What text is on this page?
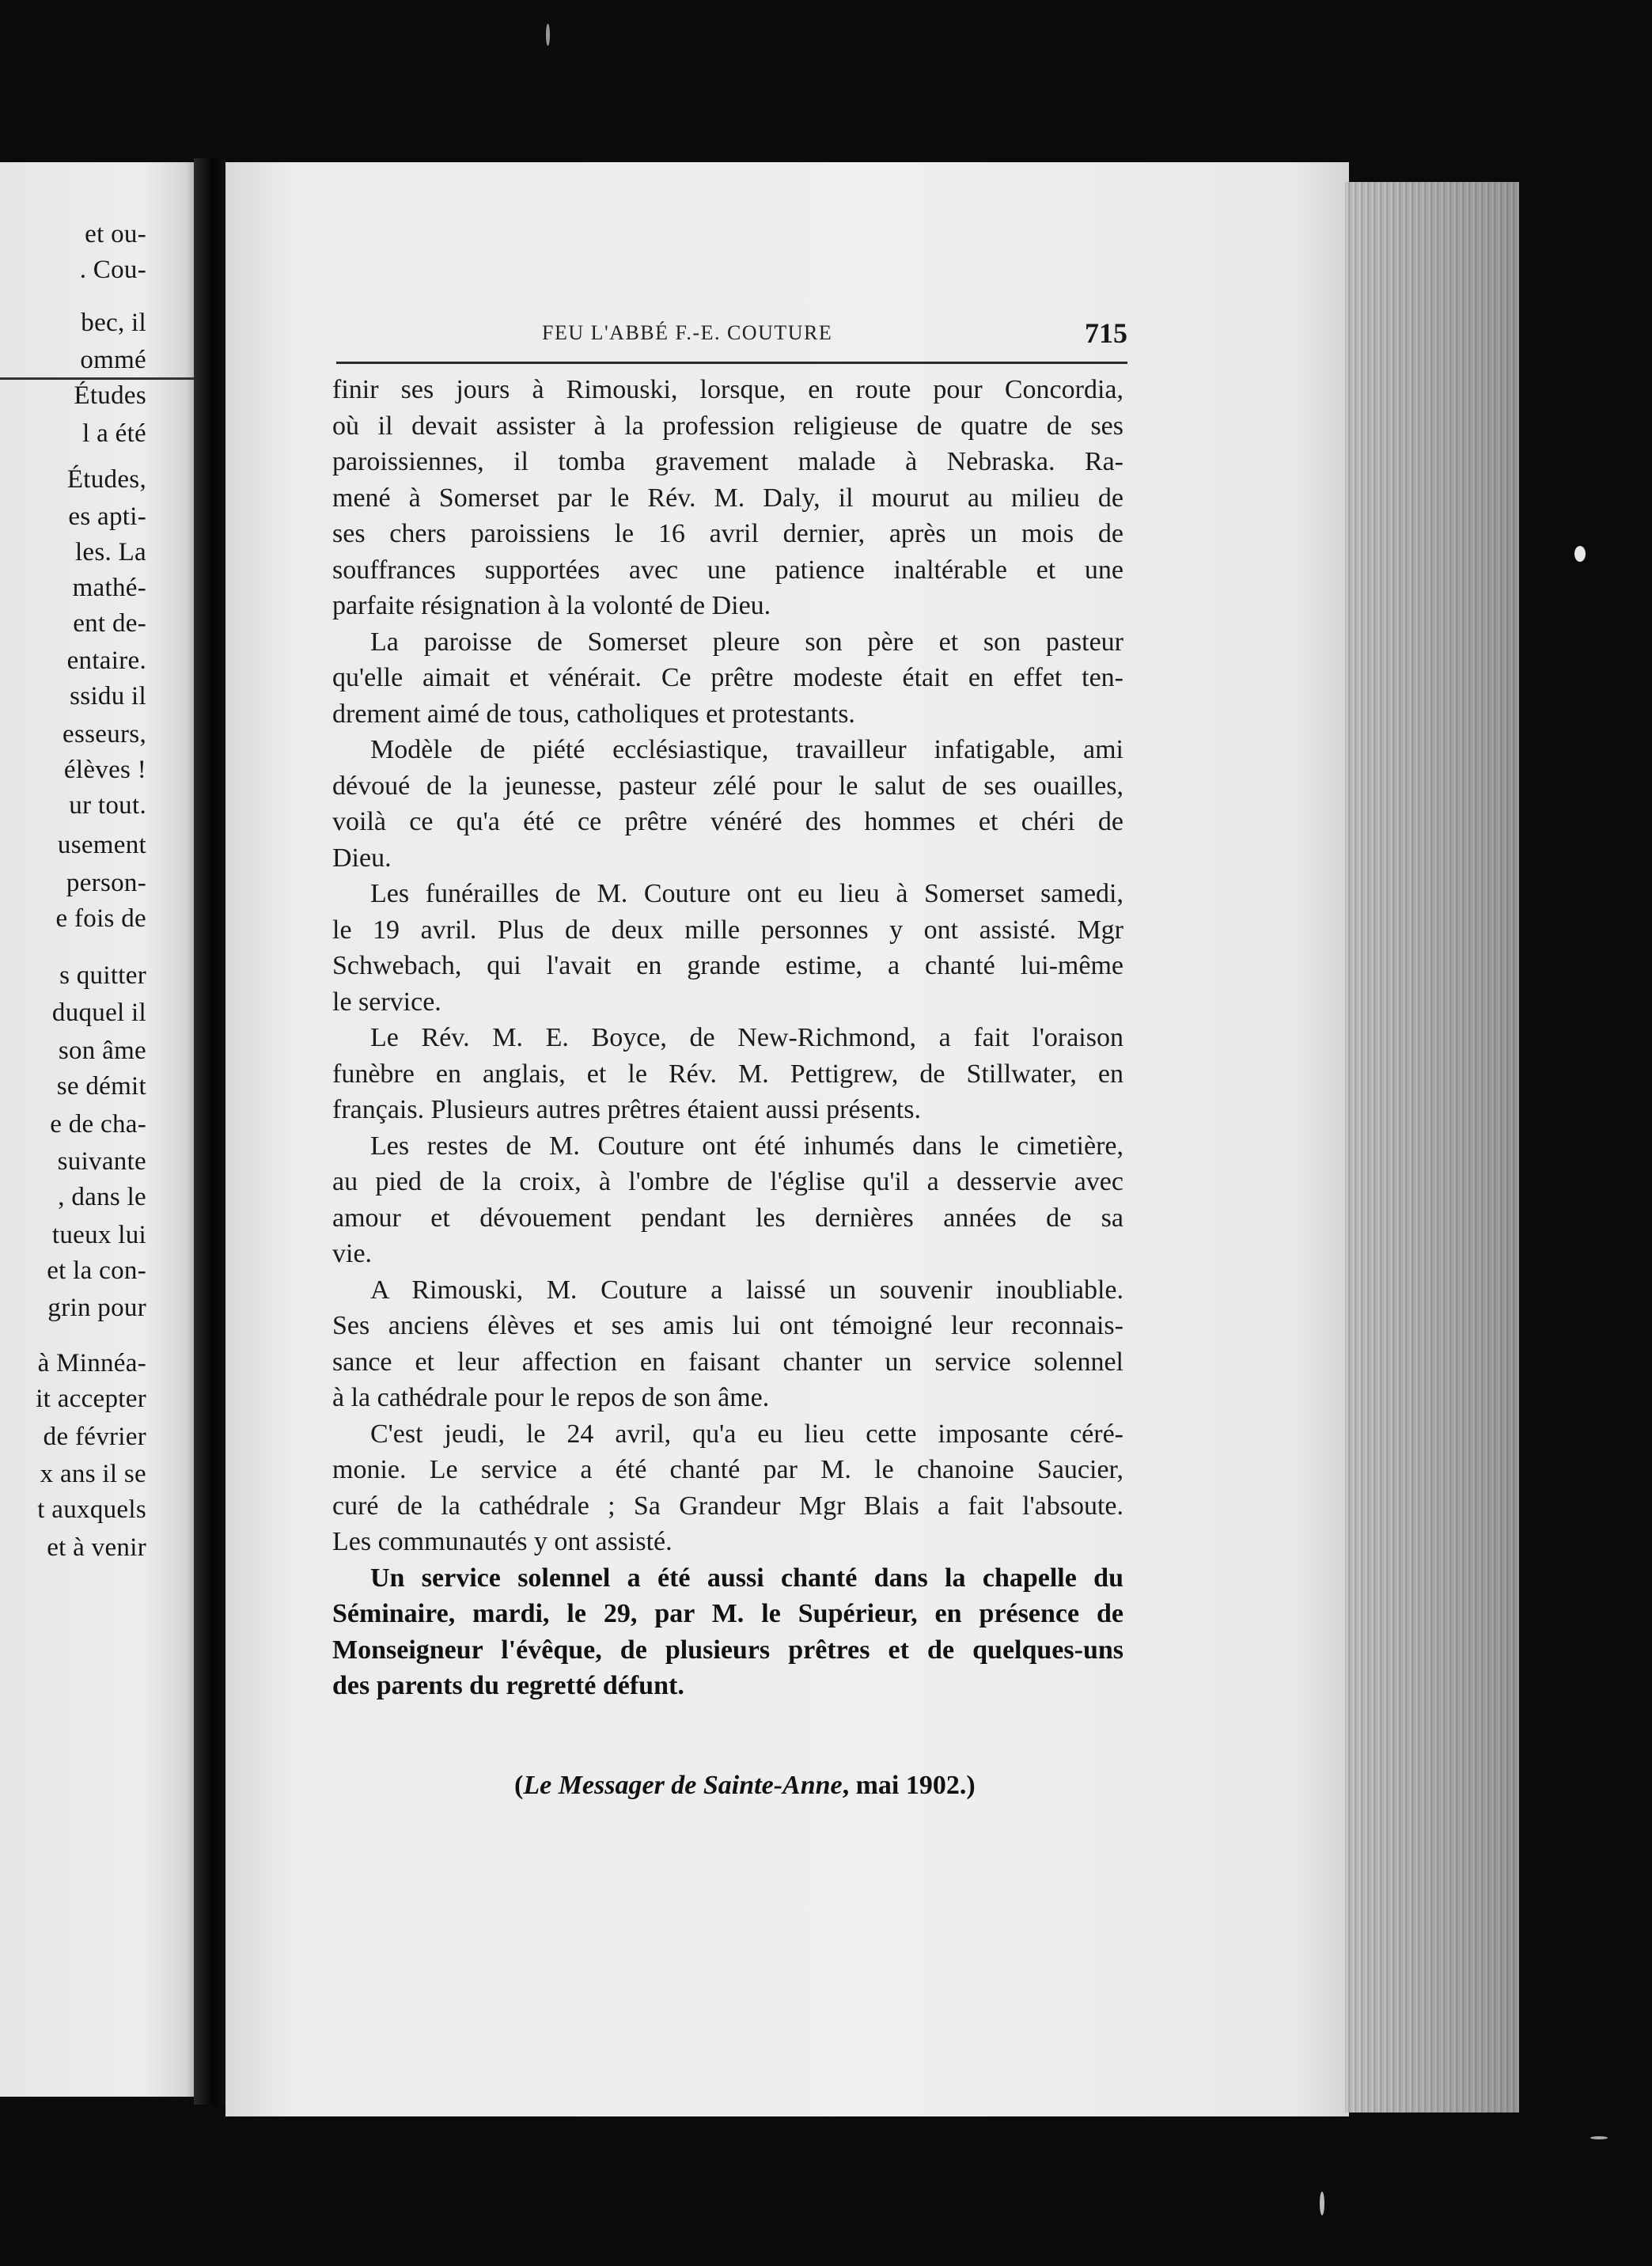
et ou-
. Cou-
bec, il
ommé
Études
l a été
Études,
es apti-
les. La
mathé-
ent de-
entaire.
ssidu il
esseurs,
élèves !
ur tout.
usement
person-
e fois de
s quitter
duquel il
son âme
se démit
e de cha-
suivante
, dans le
tueux lui
et la con-
grin pour
à Minnéa-
it accepter
de février
x ans il se
t auxquels
et à venir
FEU L'ABBÉ F.-E. COUTURE	715
finir ses jours à Rimouski, lorsque, en route pour Concordia,
où il devait assister à la profession religieuse de quatre de ses
paroissiennes, il tomba gravement malade à Nebraska. Ra-
mené à Somerset par le Rév. M. Daly, il mourut au milieu de
ses chers paroissiens le 16 avril dernier, après un mois de
souffrances supportées avec une patience inaltérable et une
parfaite résignation à la volonté de Dieu.
La paroisse de Somerset pleure son père et son pasteur
qu'elle aimait et vénérait. Ce prêtre modeste était en effet ten-
drement aimé de tous, catholiques et protestants.
Modèle de piété ecclésiastique, travailleur infatigable, ami
dévoué de la jeunesse, pasteur zélé pour le salut de ses ouailles,
voilà ce qu'a été ce prêtre vénéré des hommes et chéri de
Dieu.
Les funérailles de M. Couture ont eu lieu à Somerset samedi,
le 19 avril. Plus de deux mille personnes y ont assisté. Mgr
Schwebach, qui l'avait en grande estime, a chanté lui-même
le service.
Le Rév. M. E. Boyce, de New-Richmond, a fait l'oraison
funèbre en anglais, et le Rév. M. Pettigrew, de Stillwater, en
français. Plusieurs autres prêtres étaient aussi présents.
Les restes de M. Couture ont été inhumés dans le cimetière,
au pied de la croix, à l'ombre de l'église qu'il a desservie avec
amour et dévouement pendant les dernières années de sa
vie.
A Rimouski, M. Couture a laissé un souvenir inoubliable.
Ses anciens élèves et ses amis lui ont témoigné leur reconnais-
sance et leur affection en faisant chanter un service solennel
à la cathédrale pour le repos de son âme.
C'est jeudi, le 24 avril, qu'a eu lieu cette imposante céré-
monie. Le service a été chanté par M. le chanoine Saucier,
curé de la cathédrale ; Sa Grandeur Mgr Blais a fait l'absoute.
Les communautés y ont assisté.
Un service solennel a été aussi chanté dans la chapelle du
Séminaire, mardi, le 29, par M. le Supérieur, en présence de
Monseigneur l'évêque, de plusieurs prêtres et de quelques-uns
des parents du regretté défunt.
(Le Messager de Sainte-Anne, mai 1902.)
